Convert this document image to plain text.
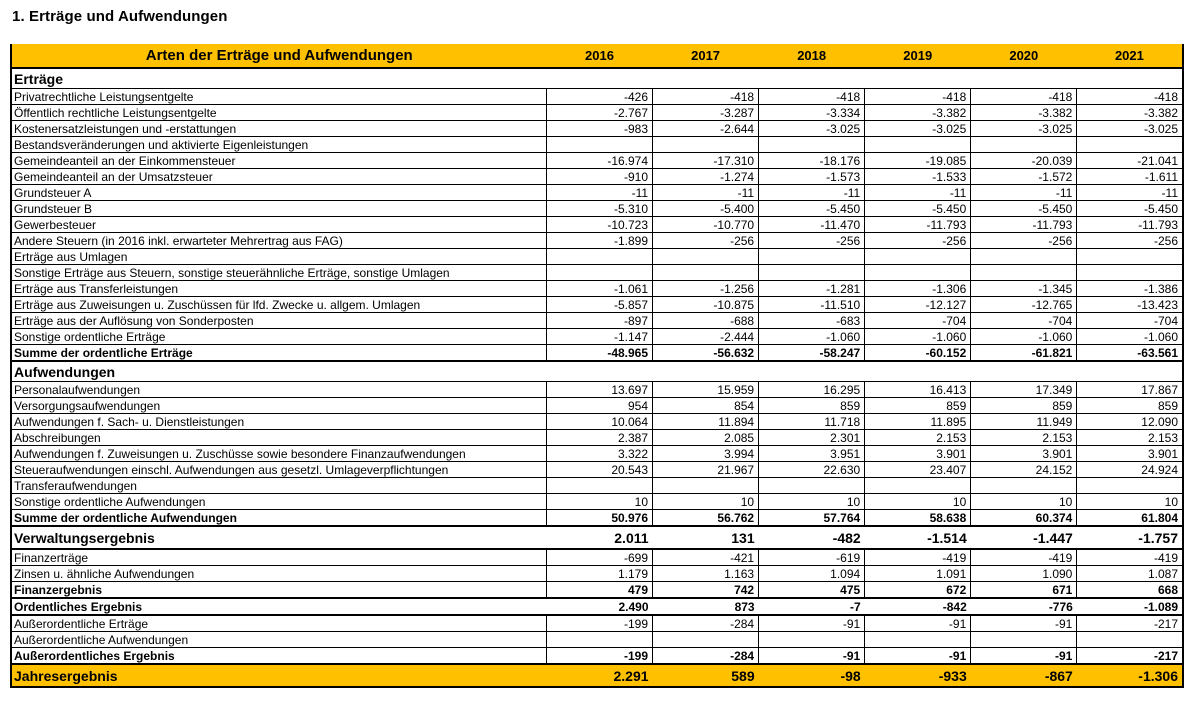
1. Erträge und Aufwendungen
Arten der Erträge und Aufwendungen	2016	2017	2018	2019	2020	2021
Erträge						
Privatrechtliche Leistungsentgelte	-426	-418	-418	-418	-418	-418
Öffentlich rechtliche Leistungsentgelte	-2.767	-3.287	-3.334	-3.382	-3.382	-3.382
Kostenersatzleistungen und -erstattungen	-983	-2.644	-3.025	-3.025	-3.025	-3.025
Bestandsveränderungen und aktivierte Eigenleistungen						
Gemeindeanteil an der Einkommensteuer	-16.974	-17.310	-18.176	-19.085	-20.039	-21.041
Gemeindeanteil an der Umsatzsteuer	-910	-1.274	-1.573	-1.533	-1.572	-1.611
Grundsteuer A	-11	-11	-11	-11	-11	-11
Grundsteuer B	-5.310	-5.400	-5.450	-5.450	-5.450	-5.450
Gewerbesteuer	-10.723	-10.770	-11.470	-11.793	-11.793	-11.793
Andere Steuern (in 2016 inkl. erwarteter Mehrertrag aus FAG)	-1.899	-256	-256	-256	-256	-256
Erträge aus Umlagen						
Sonstige Erträge aus Steuern, sonstige steuerähnliche Erträge, sonstige Umlagen						
Erträge aus Transferleistungen	-1.061	-1.256	-1.281	-1.306	-1.345	-1.386
Erträge aus Zuweisungen u. Zuschüssen für lfd. Zwecke u. allgem. Umlagen	-5.857	-10.875	-11.510	-12.127	-12.765	-13.423
Erträge aus der Auflösung von Sonderposten	-897	-688	-683	-704	-704	-704
Sonstige ordentliche Erträge	-1.147	-2.444	-1.060	-1.060	-1.060	-1.060
Summe der ordentliche Erträge	-48.965	-56.632	-58.247	-60.152	-61.821	-63.561
Aufwendungen						
Personalaufwendungen	13.697	15.959	16.295	16.413	17.349	17.867
Versorgungsaufwendungen	954	854	859	859	859	859
Aufwendungen f. Sach- u. Dienstleistungen	10.064	11.894	11.718	11.895	11.949	12.090
Abschreibungen	2.387	2.085	2.301	2.153	2.153	2.153
Aufwendungen f. Zuweisungen u. Zuschüsse sowie besondere Finanzaufwendungen	3.322	3.994	3.951	3.901	3.901	3.901
Steueraufwendungen einschl. Aufwendungen aus gesetzl. Umlageverpflichtungen	20.543	21.967	22.630	23.407	24.152	24.924
Transferaufwendungen						
Sonstige ordentliche Aufwendungen	10	10	10	10	10	10
Summe der ordentliche Aufwendungen	50.976	56.762	57.764	58.638	60.374	61.804
Verwaltungsergebnis	2.011	131	-482	-1.514	-1.447	-1.757
Finanzerträge	-699	-421	-619	-419	-419	-419
Zinsen u. ähnliche Aufwendungen	1.179	1.163	1.094	1.091	1.090	1.087
Finanzergebnis	479	742	475	672	671	668
Ordentliches Ergebnis	2.490	873	-7	-842	-776	-1.089
Außerordentliche Erträge	-199	-284	-91	-91	-91	-217
Außerordentliche Aufwendungen						
Außerordentliches Ergebnis	-199	-284	-91	-91	-91	-217
Jahresergebnis	2.291	589	-98	-933	-867	-1.306
